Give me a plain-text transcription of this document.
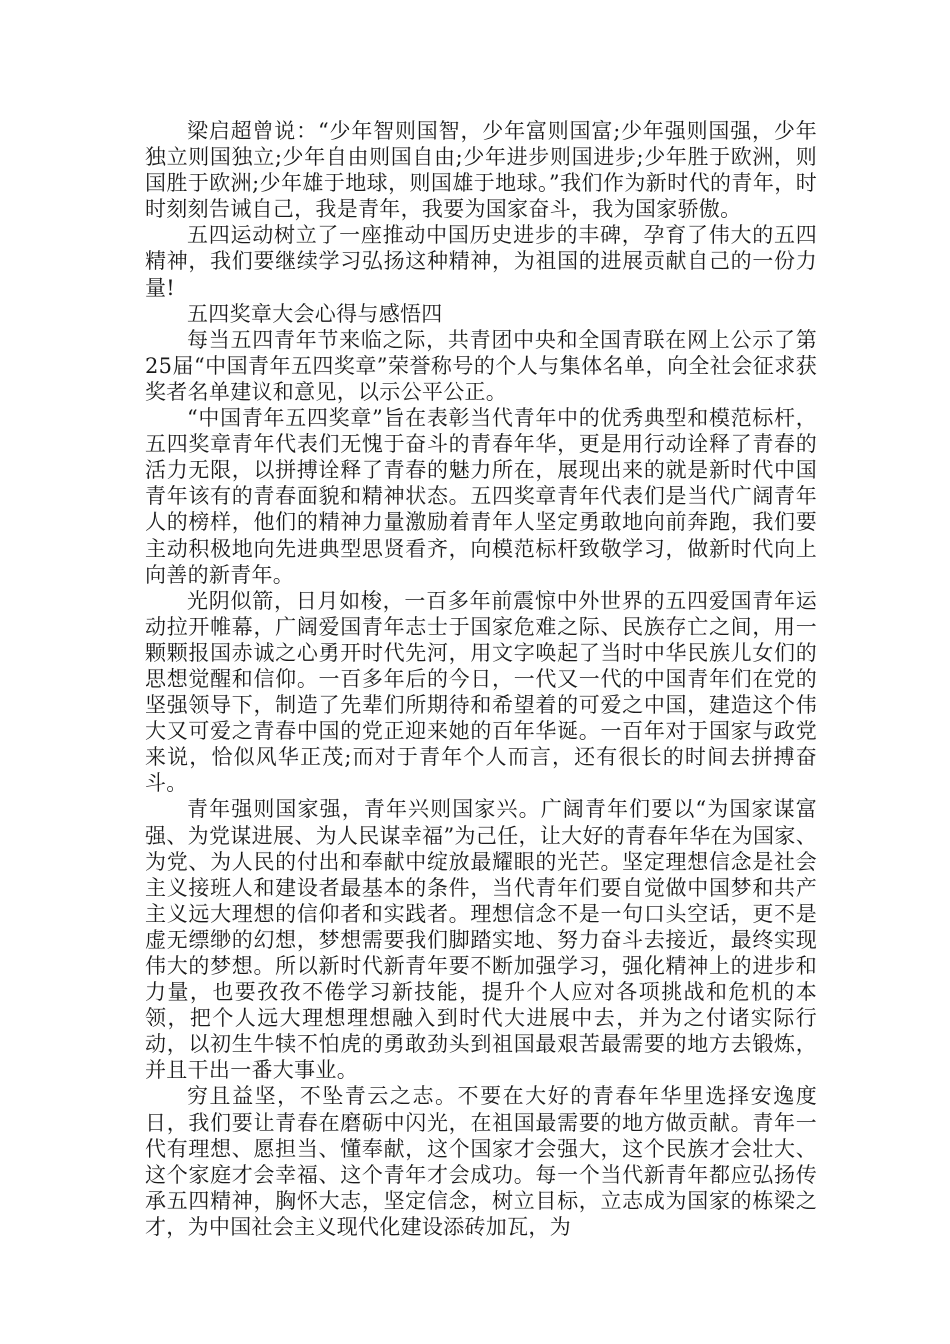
梁启超曾说：“少年智则国智，少年富则国富;少年强则国强，少年独立则国独立;少年自由则国自由;少年进步则国进步;少年胜于欧洲，则国胜于欧洲;少年雄于地球，则国雄于地球。”我们作为新时代的青年，时时刻刻告诫自己，我是青年，我要为国家奋斗，我为国家骄傲。

五四运动树立了一座推动中国历史进步的丰碑，孕育了伟大的五四精神，我们要继续学习弘扬这种精神，为祖国的进展贡献自己的一份力量!

五四奖章大会心得与感悟四

每当五四青年节来临之际，共青团中央和全国青联在网上公示了第25届“中国青年五四奖章”荣誉称号的个人与集体名单，向全社会征求获奖者名单建议和意见，以示公平公正。

“中国青年五四奖章”旨在表彰当代青年中的优秀典型和模范标杆，五四奖章青年代表们无愧于奋斗的青春年华，更是用行动诠释了青春的活力无限，以拼搏诠释了青春的魅力所在，展现出来的就是新时代中国青年该有的青春面貌和精神状态。五四奖章青年代表们是当代广阔青年人的榜样，他们的精神力量激励着青年人坚定勇敢地向前奔跑，我们要主动积极地向先进典型思贤看齐，向模范标杆致敬学习，做新时代向上向善的新青年。

光阴似箭，日月如梭，一百多年前震惊中外世界的五四爱国青年运动拉开帷幕，广阔爱国青年志士于国家危难之际、民族存亡之间，用一颗颗报国赤诚之心勇开时代先河，用文字唤起了当时中华民族儿女们的思想觉醒和信仰。一百多年后的今日，一代又一代的中国青年们在党的坚强领导下，制造了先辈们所期待和希望着的可爱之中国，建造这个伟大又可爱之青春中国的党正迎来她的百年华诞。一百年对于国家与政党来说，恰似风华正茂;而对于青年个人而言，还有很长的时间去拼搏奋斗。

青年强则国家强，青年兴则国家兴。广阔青年们要以“为国家谋富强、为党谋进展、为人民谋幸福”为己任，让大好的青春年华在为国家、为党、为人民的付出和奉献中绽放最耀眼的光芒。坚定理想信念是社会主义接班人和建设者最基本的条件，当代青年们要自觉做中国梦和共产主义远大理想的信仰者和实践者。理想信念不是一句口头空话，更不是虚无缥缈的幻想，梦想需要我们脚踏实地、努力奋斗去接近，最终实现伟大的梦想。所以新时代新青年要不断加强学习，强化精神上的进步和力量，也要孜孜不倦学习新技能，提升个人应对各项挑战和危机的本领，把个人远大理想理想融入到时代大进展中去，并为之付诸实际行动，以初生牛犊不怕虎的勇敢劲头到祖国最艰苦最需要的地方去锻炼，并且干出一番大事业。

穷且益坚，不坠青云之志。不要在大好的青春年华里选择安逸度日，我们要让青春在磨砺中闪光，在祖国最需要的地方做贡献。青年一代有理想、愿担当、懂奉献，这个国家才会强大，这个民族才会壮大、这个家庭才会幸福、这个青年才会成功。每一个当代新青年都应弘扬传承五四精神，胸怀大志，坚定信念，树立目标，立志成为国家的栋梁之才，为中国社会主义现代化建设添砖加瓦，为
